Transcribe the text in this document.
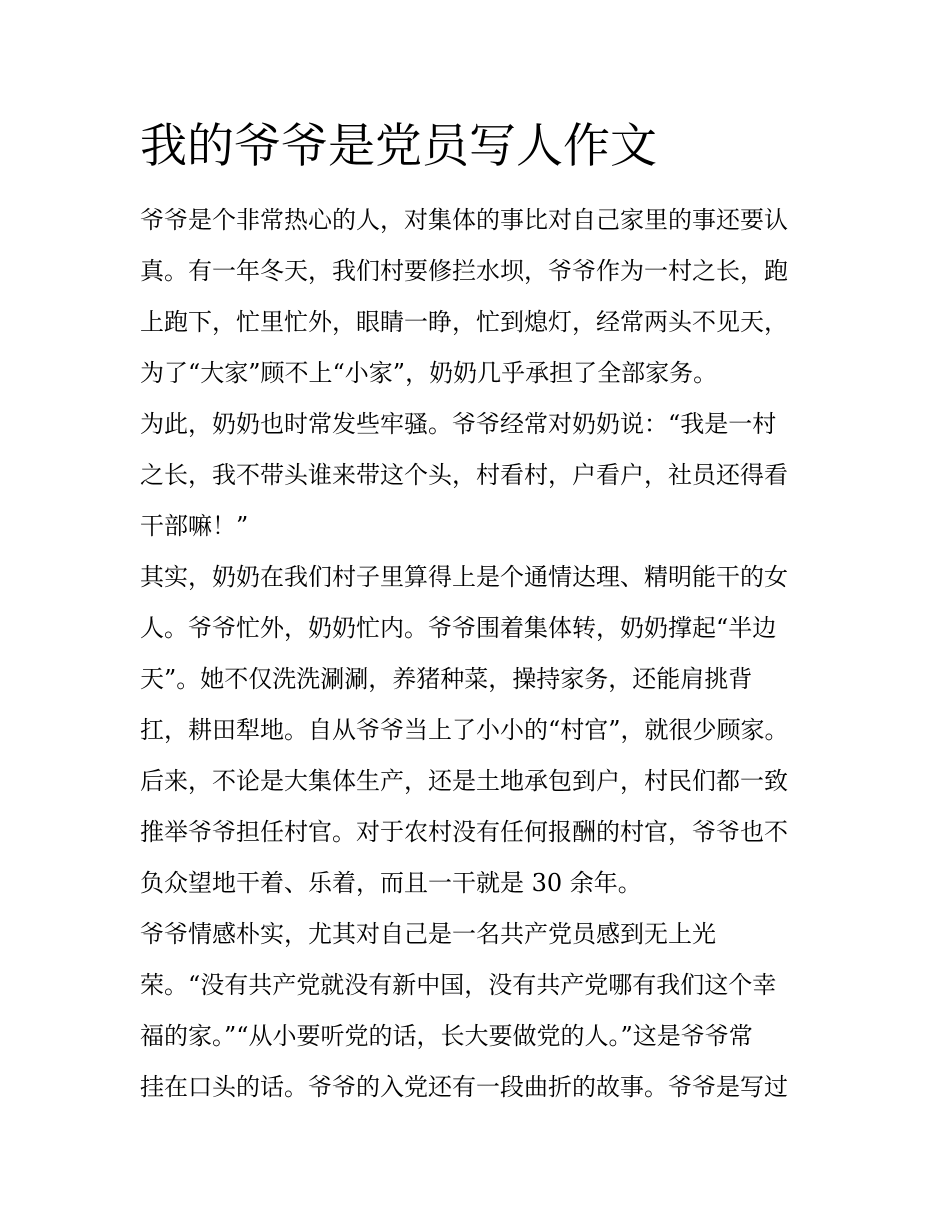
我的爷爷是党员写人作文

爷爷是个非常热心的人，对集体的事比对自己家里的事还要认

真。有一年冬天，我们村要修拦水坝，爷爷作为一村之长，跑

上跑下，忙里忙外，眼睛一睁，忙到熄灯，经常两头不见天，

为了“大家”顾不上“小家”，奶奶几乎承担了全部家务。

为此，奶奶也时常发些牢骚。爷爷经常对奶奶说：“我是一村

之长，我不带头谁来带这个头，村看村，户看户，社员还得看

干部嘛！”

其实，奶奶在我们村子里算得上是个通情达理、精明能干的女

人。爷爷忙外，奶奶忙内。爷爷围着集体转，奶奶撑起“半边

天”。她不仅洗洗涮涮，养猪种菜，操持家务，还能肩挑背

扛，耕田犁地。自从爷爷当上了小小的“村官”，就很少顾家。

后来，不论是大集体生产，还是土地承包到户，村民们都一致

推举爷爷担任村官。对于农村没有任何报酬的村官，爷爷也不

负众望地干着、乐着，而且一干就是 30 余年。

爷爷情感朴实，尤其对自己是一名共产党员感到无上光

荣。“没有共产党就没有新中国，没有共产党哪有我们这个幸

福的家。”“从小要听党的话，长大要做党的人。”这是爷爷常

挂在口头的话。爷爷的入党还有一段曲折的故事。爷爷是写过
